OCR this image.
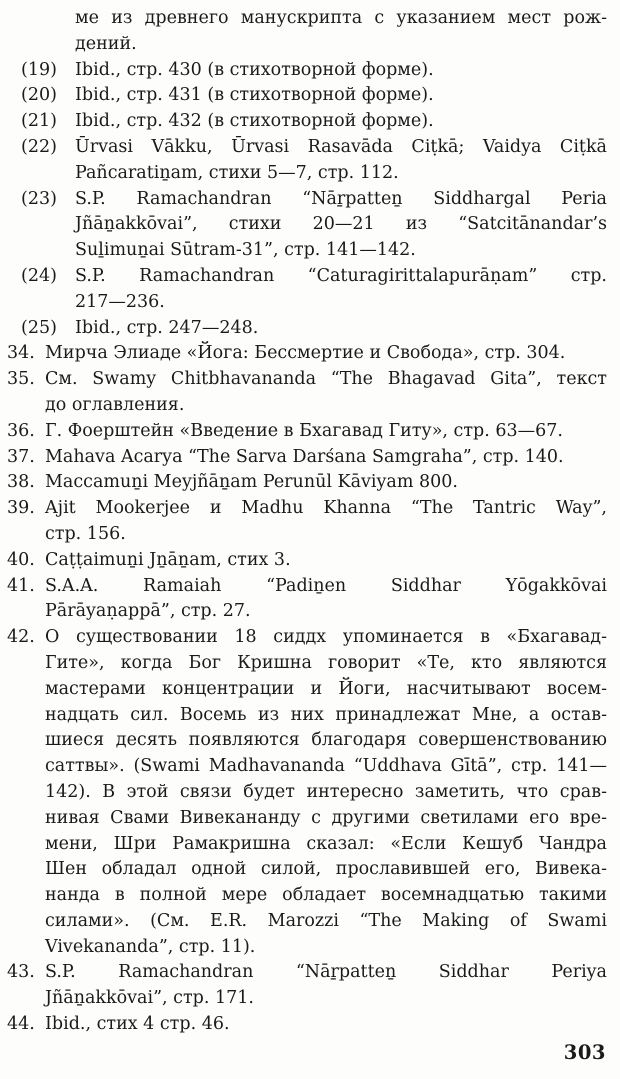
ме из древнего манускрипта с указанием мест рож-
дений.
(19) Ibid., стр. 430 (в стихотворной форме).
(20) Ibid., стр. 431 (в стихотворной форме).
(21) Ibid., стр. 432 (в стихотворной форме).
(22) Ūrvasi Vākku, Ūrvasi Rasavāda Ciṭkā; Vaidya Ciṭkā
Pañcaratiṉam, стихи 5—7, стр. 112.
(23) S.P. Ramachandran “Nāṟpatteṉ Siddhargal Peria
Jñāṉakkōvai”, стихи 20—21 из “Satcitānandar’s
Suḻimuṉai Sūtram-31”, стр. 141—142.
(24) S.P. Ramachandran “Caturagirittalapurāṇam” стр.
217—236.
(25) Ibid., стр. 247—248.
34. Мирча Элиаде «Йога: Бессмертие и Свобода», стр. 304.
35. См. Swamy Chitbhavananda “The Bhagavad Gita”, текст
до оглавления.
36. Г. Фоерштейн «Введение в Бхагавад Гиту», стр. 63—67.
37. Mahava Acarya “The Sarva Darśana Samgraha”, стр. 140.
38. Maccamuṉi Meyjñāṉam Perunūl Kāviyam 800.
39. Ajit Mookerjee и Madhu Khanna “The Tantric Way”,
стр. 156.
40. Caṭṭaimuṉi Jṉāṉam, стих 3.
41. S.A.A. Ramaiah “Padiṉen Siddhar Yōgakkōvai
Pārāyaṇappā”, стр. 27.
42. О существовании 18 сиддх упоминается в «Бхагавад-
Гите», когда Бог Кришна говорит «Те, кто являются
мастерами концентрации и Йоги, насчитывают восем-
надцать сил. Восемь из них принадлежат Мне, а остав-
шиеся десять появляются благодаря совершенствованию
саттвы». (Swami Madhavananda “Uddhava Gītā”, стр. 141—
142). В этой связи будет интересно заметить, что срав-
нивая Свами Вивекананду с другими светилами его вре-
мени, Шри Рамакришна сказал: «Если Кешуб Чандра
Шен обладал одной силой, прославившей его, Вивека-
нанда в полной мере обладает восемнадцатью такими
силами». (См. E.R. Marozzi “The Making of Swami
Vivekananda”, стр. 11).
43. S.P. Ramachandran “Nāṟpatteṉ Siddhar Periya
Jñāṉakkōvai”, стр. 171.
44. Ibid., стих 4 стр. 46.
303
